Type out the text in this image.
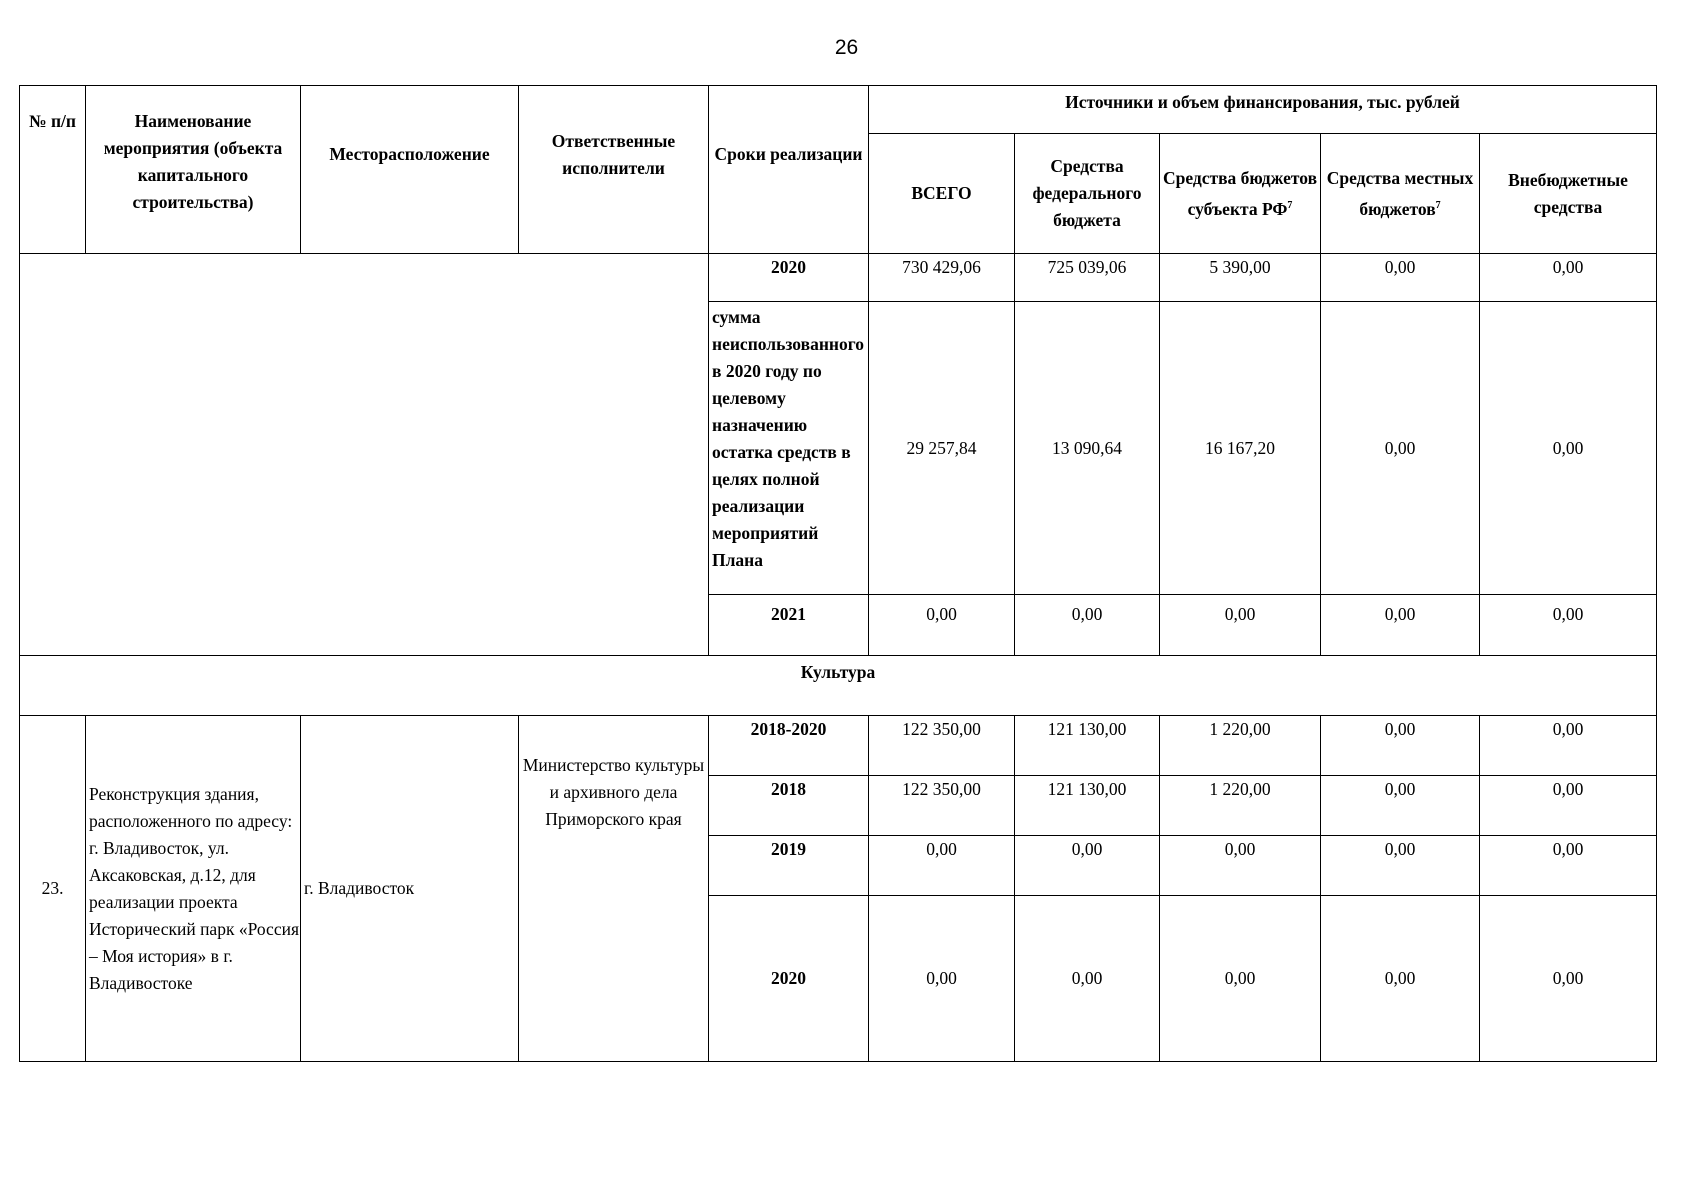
26
№ п/п	Наименование мероприятия (объекта капитального строительства)	Месторасположение	Ответственные исполнители	Сроки реализации	Источники и объем финансирования, тыс. рублей				
					ВСЕГО	Средства федерального бюджета	Средства бюджетов субъекта $РФ^7$	Средства местных бюджетов$^7$	Внебюджетные средства
				2020	730 429,06	725 039,06	5 390,00	0,00	0,00
				сумма неиспользованного в 2020 году по целевому назначению остатка средств в целях полной реализации мероприятий Плана	29 257,84	13 090,64	16 167,20	0,00	0,00
				2021	0,00	0,00	0,00	0,00	0,00
Культура									
23.	Реконструкция здания, расположенного по адресу: г. Владивосток, ул. Аксаковская, д.12, для реализации проекта Исторический парк «Россия – Моя история» в г. Владивостоке	г. Владивосток	Министерство культуры и архивного дела Приморского края	2018-2020	122 350,00	121 130,00	1 220,00	0,00	0,00
				2018	122 350,00	121 130,00	1 220,00	0,00	0,00
				2019	0,00	0,00	0,00	0,00	0,00
				2020	0,00	0,00	0,00	0,00	0,00
